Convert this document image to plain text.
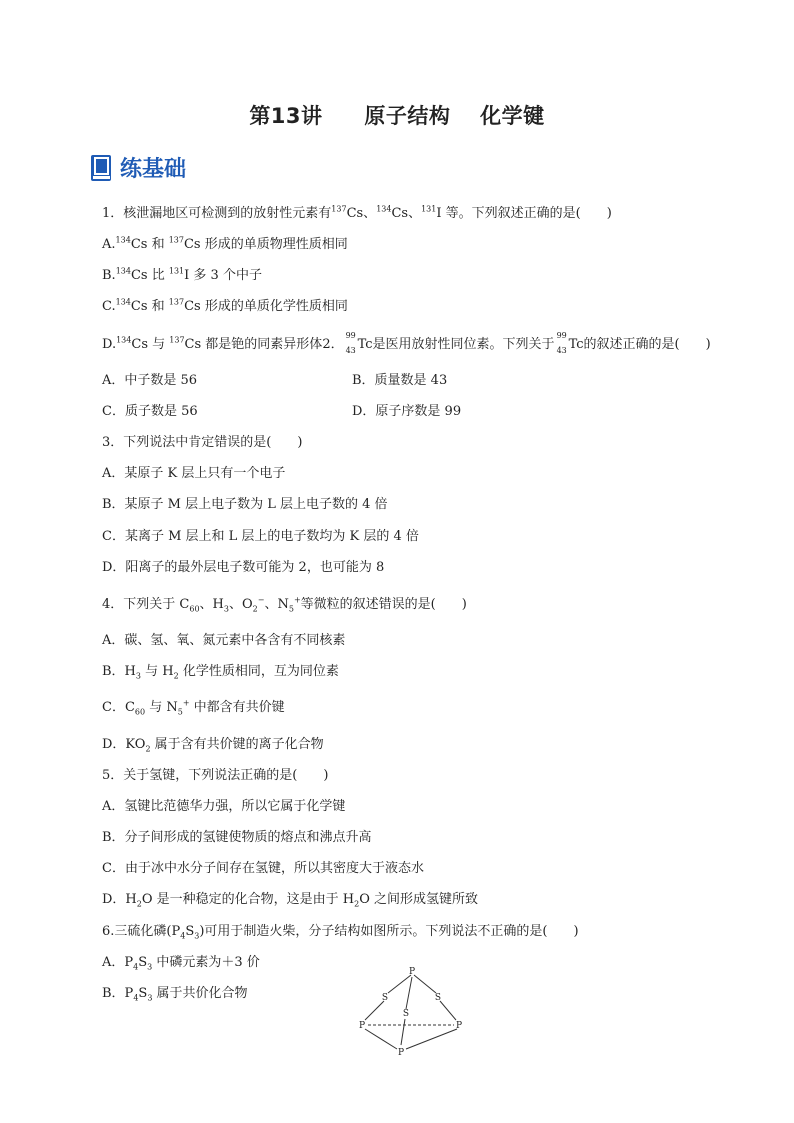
第13讲 原子结构 化学键
练基础
1．核泄漏地区可检测到的放射性元素有$^{137}$Cs、$^{134}$Cs、$^{131}$I 等。下列叙述正确的是(　　)
A.$^{134}$Cs 和 $^{137}$Cs 形成的单质物理性质相同
B.$^{134}$Cs 比 $^{131}$I 多 3 个中子
C.$^{134}$Cs 和 $^{137}$Cs 形成的单质化学性质相同
D.$^{134}$Cs 与 $^{137}$Cs 都是铯的同素异形体2．
99
43 Tc是医用放射性同位素。下列关于
99
43 Tc的叙述正确的是(　　)
A．中子数是 56	B．质量数是 43
C．质子数是 56	D．原子序数是 99
3．下列说法中肯定错误的是(　　)
A．某原子 K 层上只有一个电子
B．某原子 M 层上电子数为 L 层上电子数的 4 倍
C．某离子 M 层上和 L 层上的电子数均为 K 层的 4 倍
D．阳离子的最外层电子数可能为 2，也可能为 8
4．下列关于 $C_{60}$、$H_3$、$O_2^-$、$N_5^+$等微粒的叙述错误的是(　　)
A．碳、氢、氧、氮元素中各含有不同核素
B．$H_3$ 与 $H_2$ 化学性质相同，互为同位素
C．$C_{60}$ 与 $N_5^+$ 中都含有共价键
D．$KO_2$ 属于含有共价键的离子化合物
5．关于氢键，下列说法正确的是(　　)
A．氢键比范德华力强，所以它属于化学键
B．分子间形成的氢键使物质的熔点和沸点升高
C．由于冰中水分子间存在氢键，所以其密度大于液态水
D．$H_2O$ 是一种稳定的化合物，这是由于 $H_2O$ 之间形成氢键所致
6.三硫化磷$(P_4S_3)$可用于制造火柴，分子结构如图所示。下列说法不正确的是(　　)
A．$P_4S_3$ 中磷元素为＋3 价
B．$P_4S_3$ 属于共价化合物
P
S	S
S
P	P
P
